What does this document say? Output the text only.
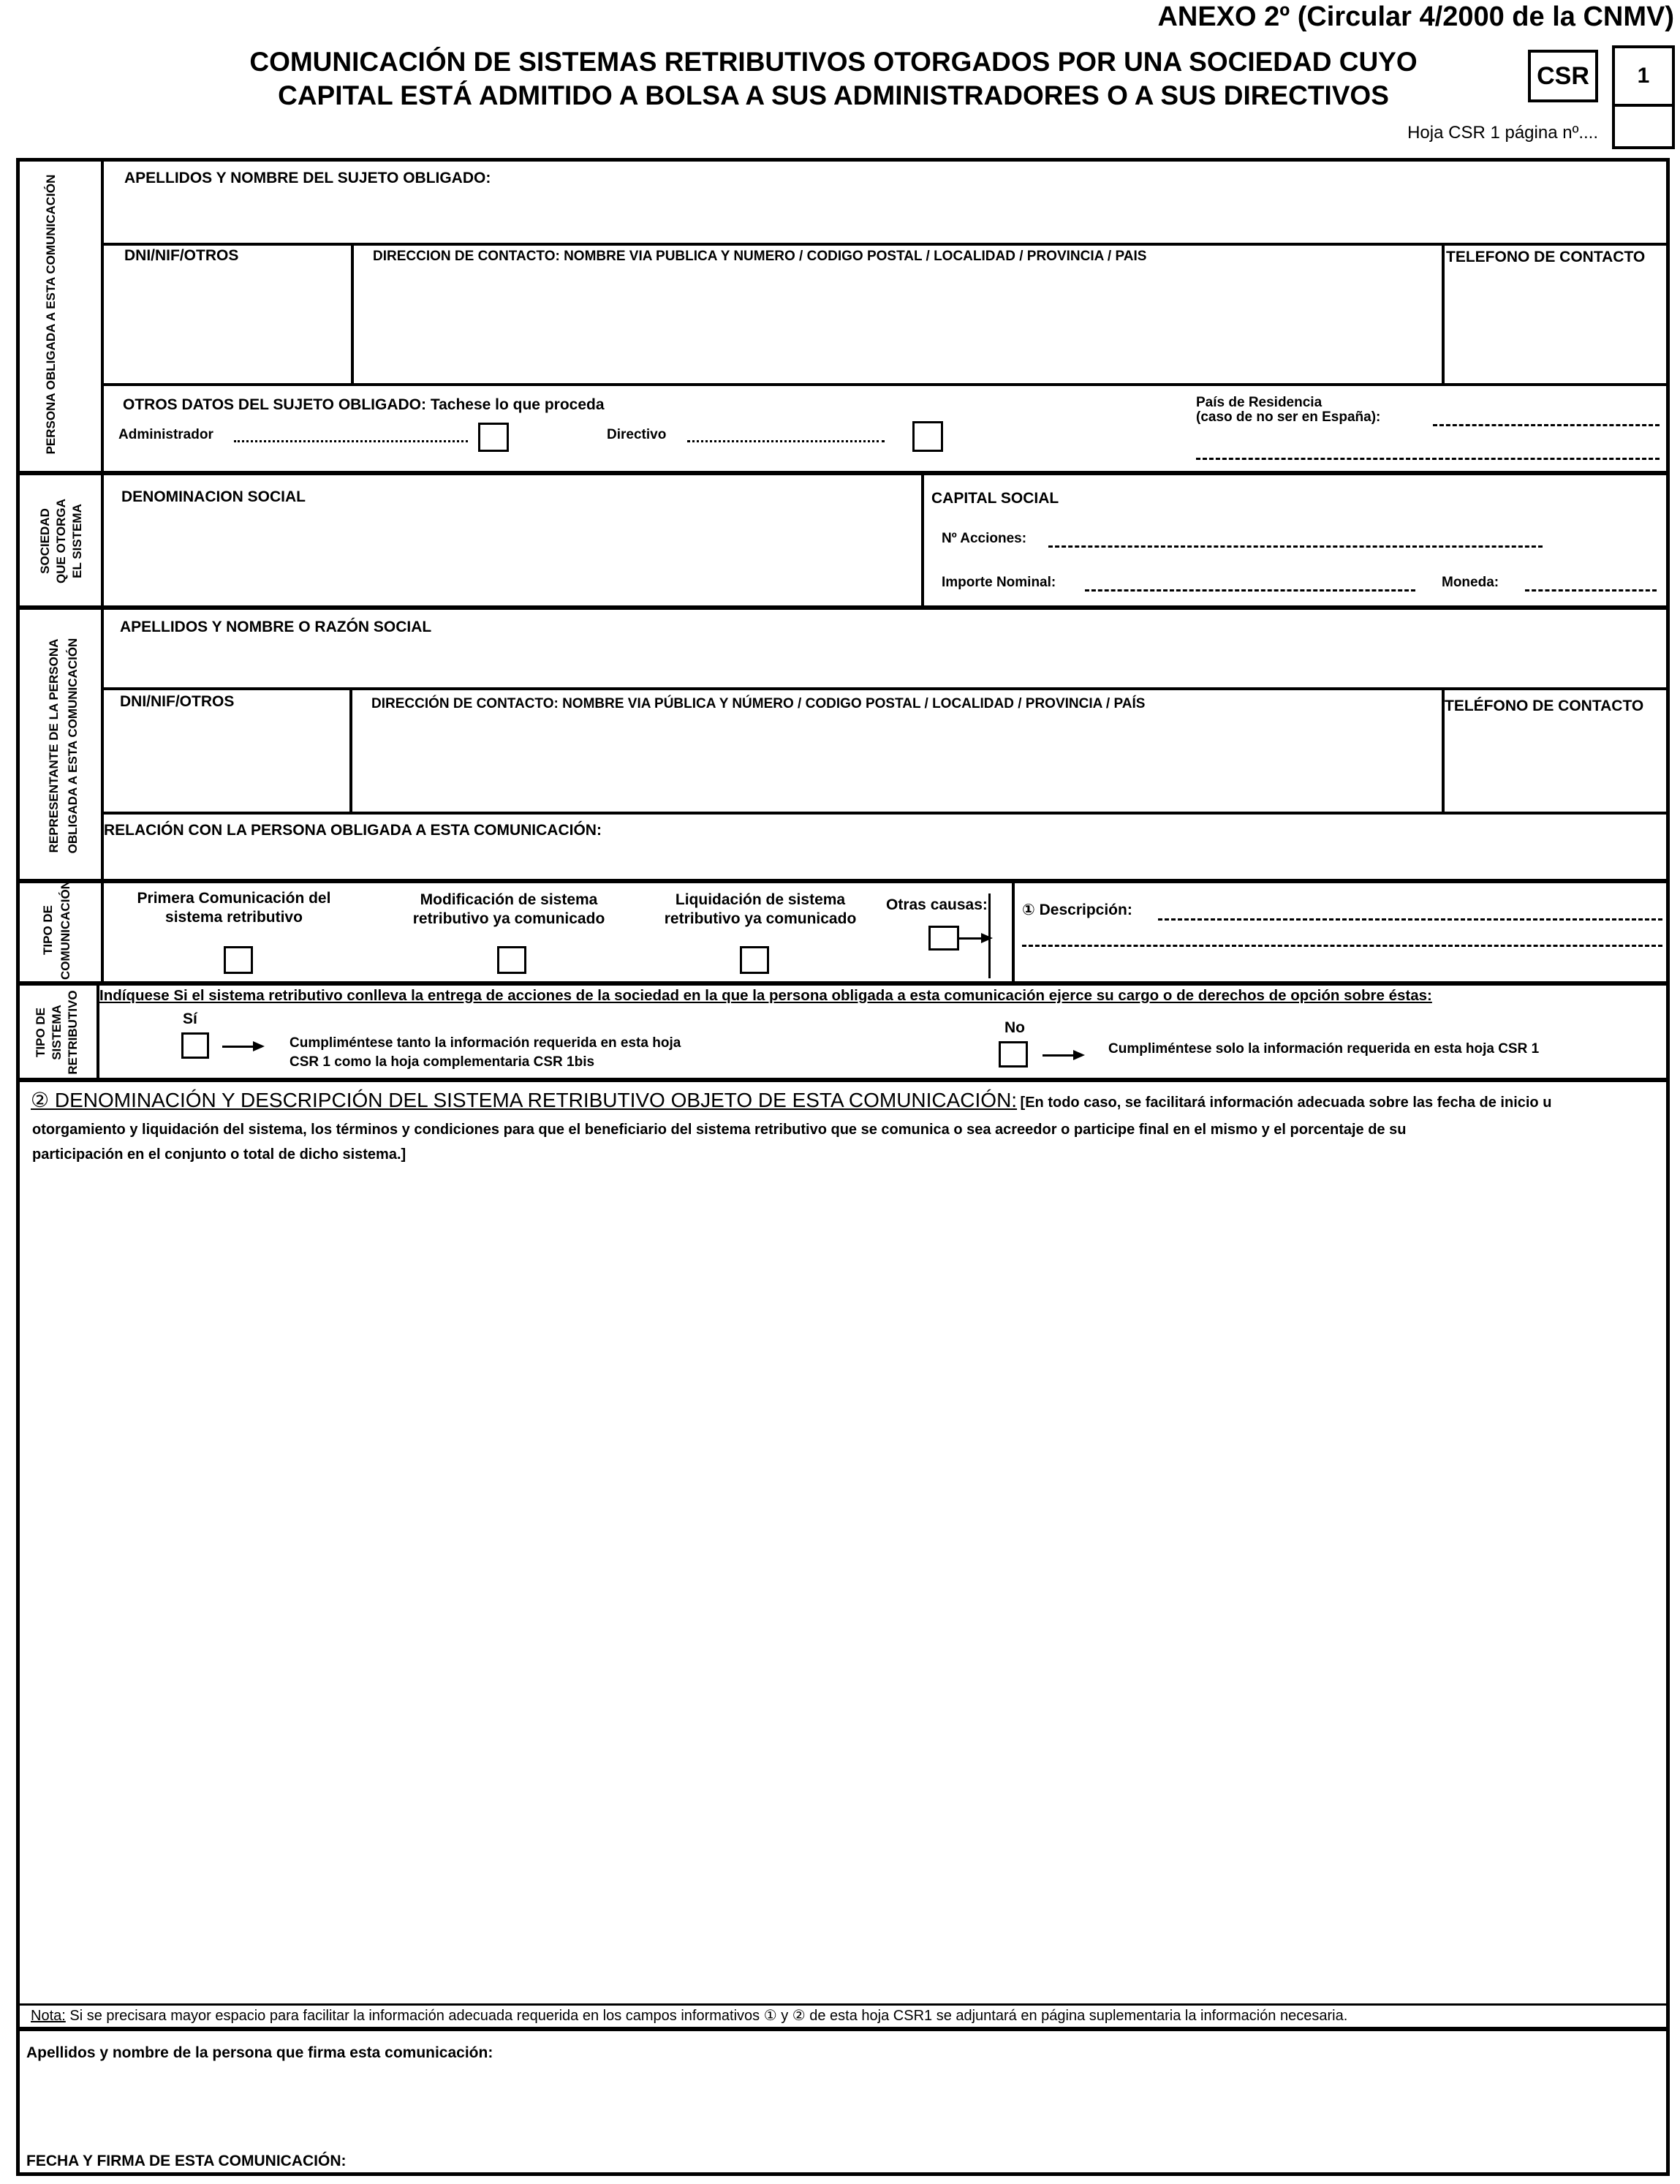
ANEXO 2º (Circular 4/2000 de la CNMV)
COMUNICACIÓN DE SISTEMAS RETRIBUTIVOS OTORGADOS POR UNA SOCIEDAD CUYO
CAPITAL ESTÁ ADMITIDO A BOLSA A SUS ADMINISTRADORES O A SUS DIRECTIVOS
CSR	1
Hoja CSR 1 página nº....
PERSONA OBLIGADA A ESTA COMUNICACIÓN	APELLIDOS Y NOMBRE DEL SUJETO OBLIGADO:
DNI/NIF/OTROS	DIRECCION DE CONTACTO: NOMBRE VIA PUBLICA Y NUMERO / CODIGO POSTAL / LOCALIDAD / PROVINCIA / PAIS	TELEFONO DE CONTACTO
OTROS DATOS DEL SUJETO OBLIGADO: Tachese lo que proceda
Administrador	Directivo
País de Residencia
(caso de no ser en España):
SOCIEDAD QUE OTORGA EL SISTEMA
DENOMINACION SOCIAL	CAPITAL SOCIAL
Nº Acciones:
Importe Nominal:	Moneda:
REPRESENTANTE DE LA PERSONA OBLIGADA A ESTA COMUNICACIÓN
APELLIDOS Y NOMBRE O RAZÓN SOCIAL
DNI/NIF/OTROS	DIRECCIÓN DE CONTACTO: NOMBRE VIA PÚBLICA Y NÚMERO / CODIGO POSTAL / LOCALIDAD / PROVINCIA / PAÍS	TELÉFONO DE CONTACTO
RELACIÓN CON LA PERSONA OBLIGADA A ESTA COMUNICACIÓN:
TIPO DE COMUNICACIÓN	Primera Comunicación del
sistema retributivo
Modificación de sistema
retributivo ya comunicado
Liquidación de sistema
retributivo ya comunicado
Otras causas: ① Descripción:
TIPO DE SISTEMA RETRIBUTIVO Indíquese Si el sistema retributivo conlleva la entrega de acciones de la sociedad en la que la persona obligada a esta comunicación ejerce su cargo o de derechos de opción sobre éstas:
Sí
Cumpliméntese tanto la información requerida en esta hoja
CSR 1 como la hoja complementaria CSR 1bis
No
Cumpliméntese solo la información requerida en esta hoja CSR 1
② DENOMINACIÓN Y DESCRIPCIÓN DEL SISTEMA RETRIBUTIVO OBJETO DE ESTA COMUNICACIÓN: [En todo caso, se facilitará información adecuada sobre las fecha de inicio u
otorgamiento y liquidación del sistema, los términos y condiciones para que el beneficiario del sistema retributivo que se comunica o sea acreedor o participe final en el mismo y el porcentaje de su
participación en el conjunto o total de dicho sistema.]
Nota: Si se precisara mayor espacio para facilitar la información adecuada requerida en los campos informativos ① y ② de esta hoja CSR1 se adjuntará en página suplementaria la información necesaria.
Apellidos y nombre de la persona que firma esta comunicación:
FECHA Y FIRMA DE ESTA COMUNICACIÓN:
